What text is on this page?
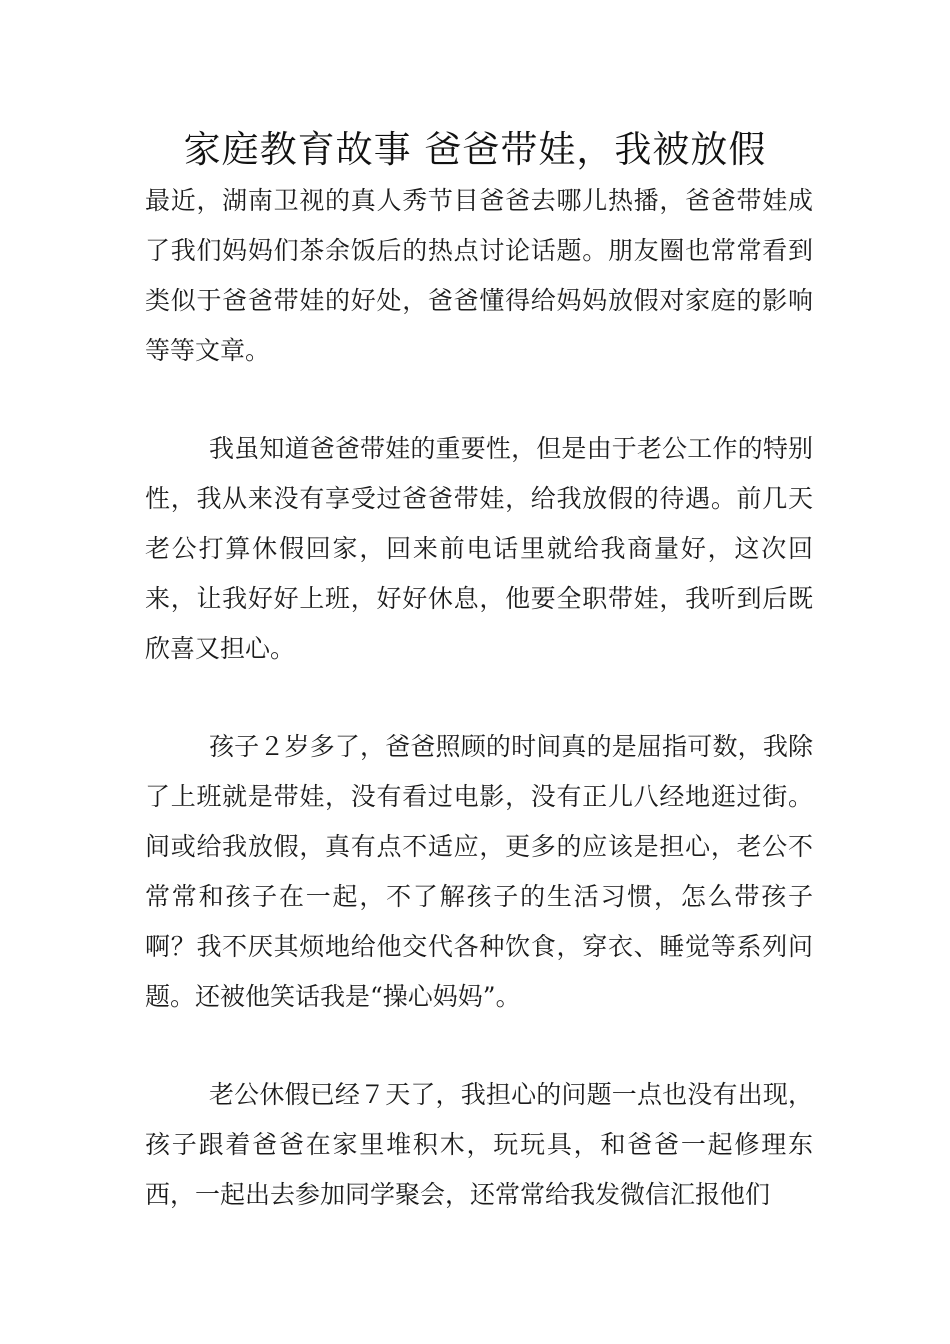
家庭教育故事 爸爸带娃，我被放假

最近，湖南卫视的真人秀节目爸爸去哪儿热播，爸爸带娃成了我们妈妈们茶余饭后的热点讨论话题。朋友圈也常常看到类似于爸爸带娃的好处，爸爸懂得给妈妈放假对家庭的影响等等文章。

我虽知道爸爸带娃的重要性，但是由于老公工作的特别性，我从来没有享受过爸爸带娃，给我放假的待遇。前几天老公打算休假回家，回来前电话里就给我商量好，这次回来，让我好好上班，好好休息，他要全职带娃，我听到后既欣喜又担心。

孩子２岁多了，爸爸照顾的时间真的是屈指可数，我除了上班就是带娃，没有看过电影，没有正儿八经地逛过街。间或给我放假，真有点不适应，更多的应该是担心，老公不常常和孩子在一起，不了解孩子的生活习惯，怎么带孩子啊？我不厌其烦地给他交代各种饮食，穿衣、睡觉等系列问题。还被他笑话我是“操心妈妈”。

老公休假已经７天了，我担心的问题一点也没有出现，孩子跟着爸爸在家里堆积木，玩玩具，和爸爸一起修理东西，一起出去参加同学聚会，还常常给我发微信汇报他们
